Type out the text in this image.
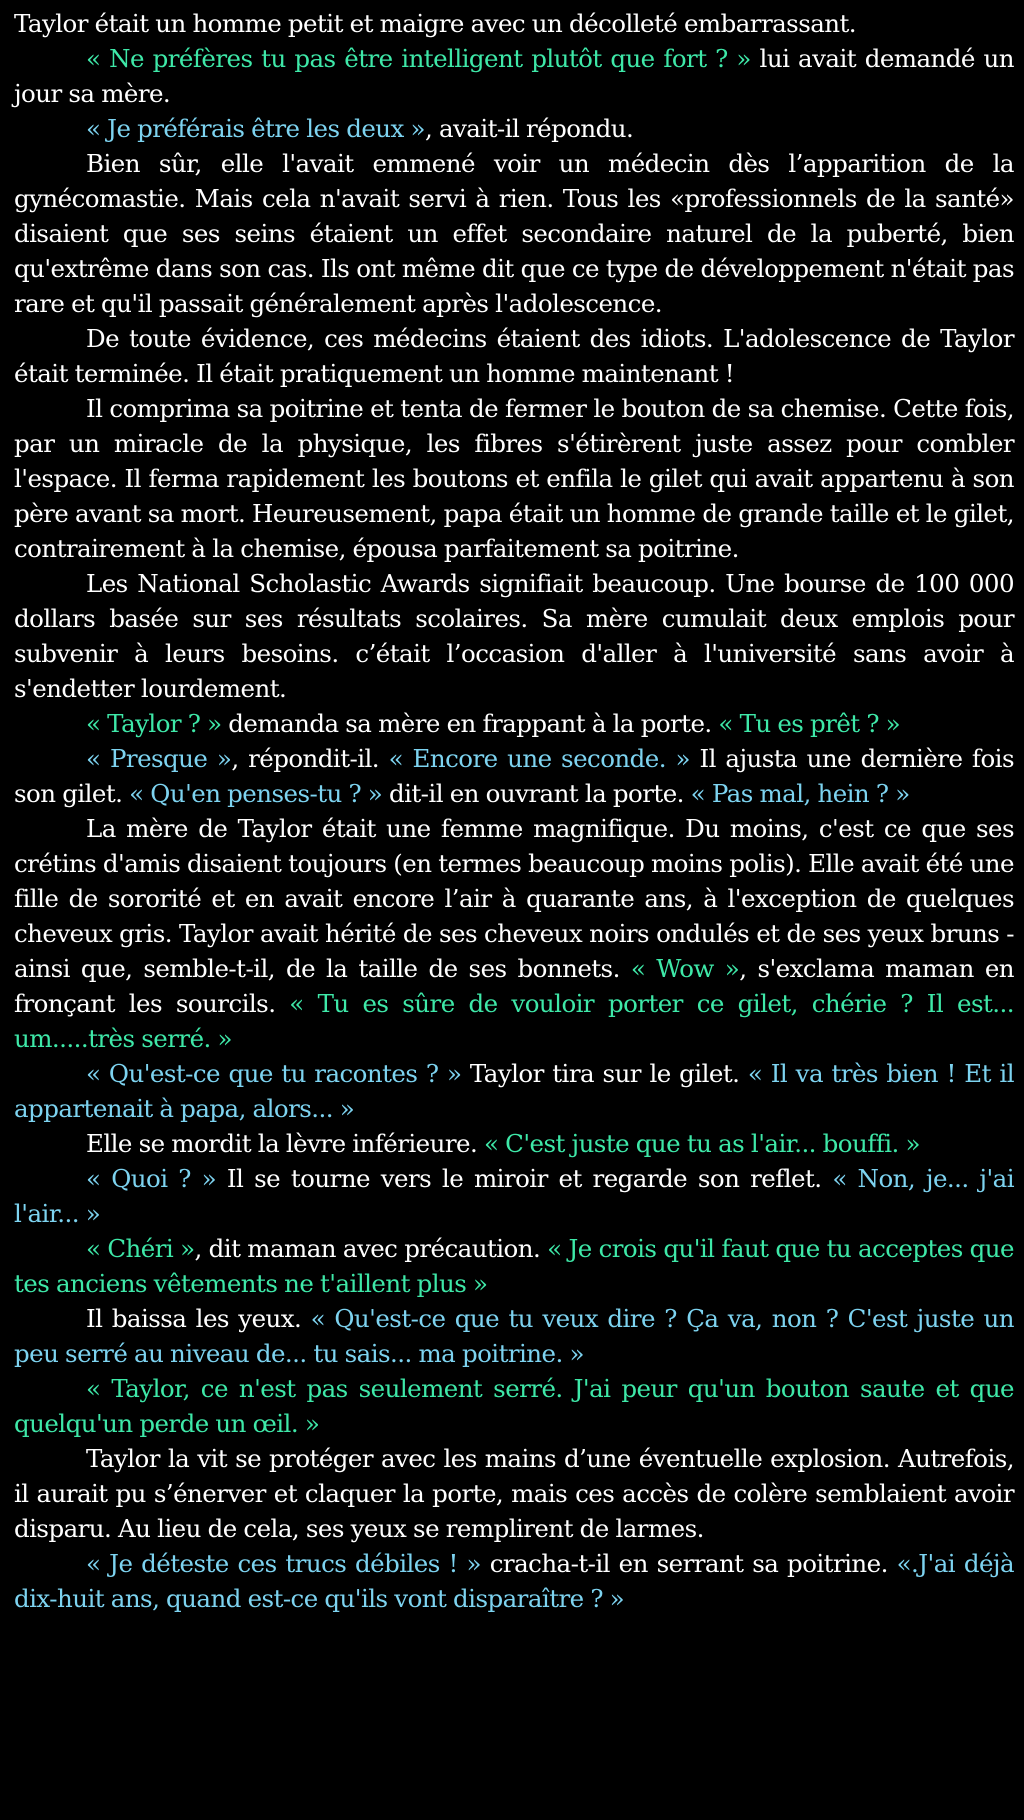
Taylor était un homme petit et maigre avec un décolleté embarrassant.

« Ne préfères tu pas être intelligent plutôt que fort ? » lui avait demandé un jour sa mère.

« Je préférais être les deux », avait-il répondu.

Bien sûr, elle l'avait emmené voir un médecin dès l’apparition de la gynécomastie. Mais cela n'avait servi à rien. Tous les «professionnels de la santé» disaient que ses seins étaient un effet secondaire naturel de la puberté, bien qu'extrême dans son cas. Ils ont même dit que ce type de développement n'était pas rare et qu'il passait généralement après l'adolescence.

De toute évidence, ces médecins étaient des idiots. L'adolescence de Taylor était terminée. Il était pratiquement un homme maintenant !

Il comprima sa poitrine et tenta de fermer le bouton de sa chemise. Cette fois, par un miracle de la physique, les fibres s'étirèrent juste assez pour combler l'espace. Il ferma rapidement les boutons et enfila le gilet qui avait appartenu à son père avant sa mort. Heureusement, papa était un homme de grande taille et le gilet, contrairement à la chemise, épousa parfaitement sa poitrine.

Les National Scholastic Awards signifiait beaucoup. Une bourse de 100 000 dollars basée sur ses résultats scolaires. Sa mère cumulait deux emplois pour subvenir à leurs besoins. c’était l’occasion d'aller à l'université sans avoir à s'endetter lourdement.

« Taylor ? » demanda sa mère en frappant à la porte. « Tu es prêt ? »

« Presque », répondit-il. « Encore une seconde. » Il ajusta une dernière fois son gilet. « Qu'en penses-tu ? » dit-il en ouvrant la porte. « Pas mal, hein ? »

La mère de Taylor était une femme magnifique. Du moins, c'est ce que ses crétins d'amis disaient toujours (en termes beaucoup moins polis). Elle avait été une fille de sororité et en avait encore l’air à quarante ans, à l'exception de quelques cheveux gris. Taylor avait hérité de ses cheveux noirs ondulés et de ses yeux bruns - ainsi que, semble-t-il, de la taille de ses bonnets. « Wow », s'exclama maman en fronçant les sourcils. « Tu es sûre de vouloir porter ce gilet, chérie ? Il est... um.....très serré. »

« Qu'est-ce que tu racontes ? » Taylor tira sur le gilet. « Il va très bien ! Et il appartenait à papa, alors... »

Elle se mordit la lèvre inférieure. « C'est juste que tu as l'air... bouffi. »

« Quoi ? » Il se tourne vers le miroir et regarde son reflet. « Non, je... j'ai l'air... »

« Chéri », dit maman avec précaution. « Je crois qu'il faut que tu acceptes que tes anciens vêtements ne t'aillent plus »

Il baissa les yeux. « Qu'est-ce que tu veux dire ? Ça va, non ? C'est juste un peu serré au niveau de... tu sais... ma poitrine. »

« Taylor, ce n'est pas seulement serré. J'ai peur qu'un bouton saute et que quelqu'un perde un œil. »

Taylor la vit se protéger avec les mains d’une éventuelle explosion. Autrefois, il aurait pu s’énerver et claquer la porte, mais ces accès de colère semblaient avoir disparu. Au lieu de cela, ses yeux se remplirent de larmes.

« Je déteste ces trucs débiles ! » cracha-t-il en serrant sa poitrine. «.J'ai déjà dix-huit ans, quand est-ce qu'ils vont disparaître ? »
